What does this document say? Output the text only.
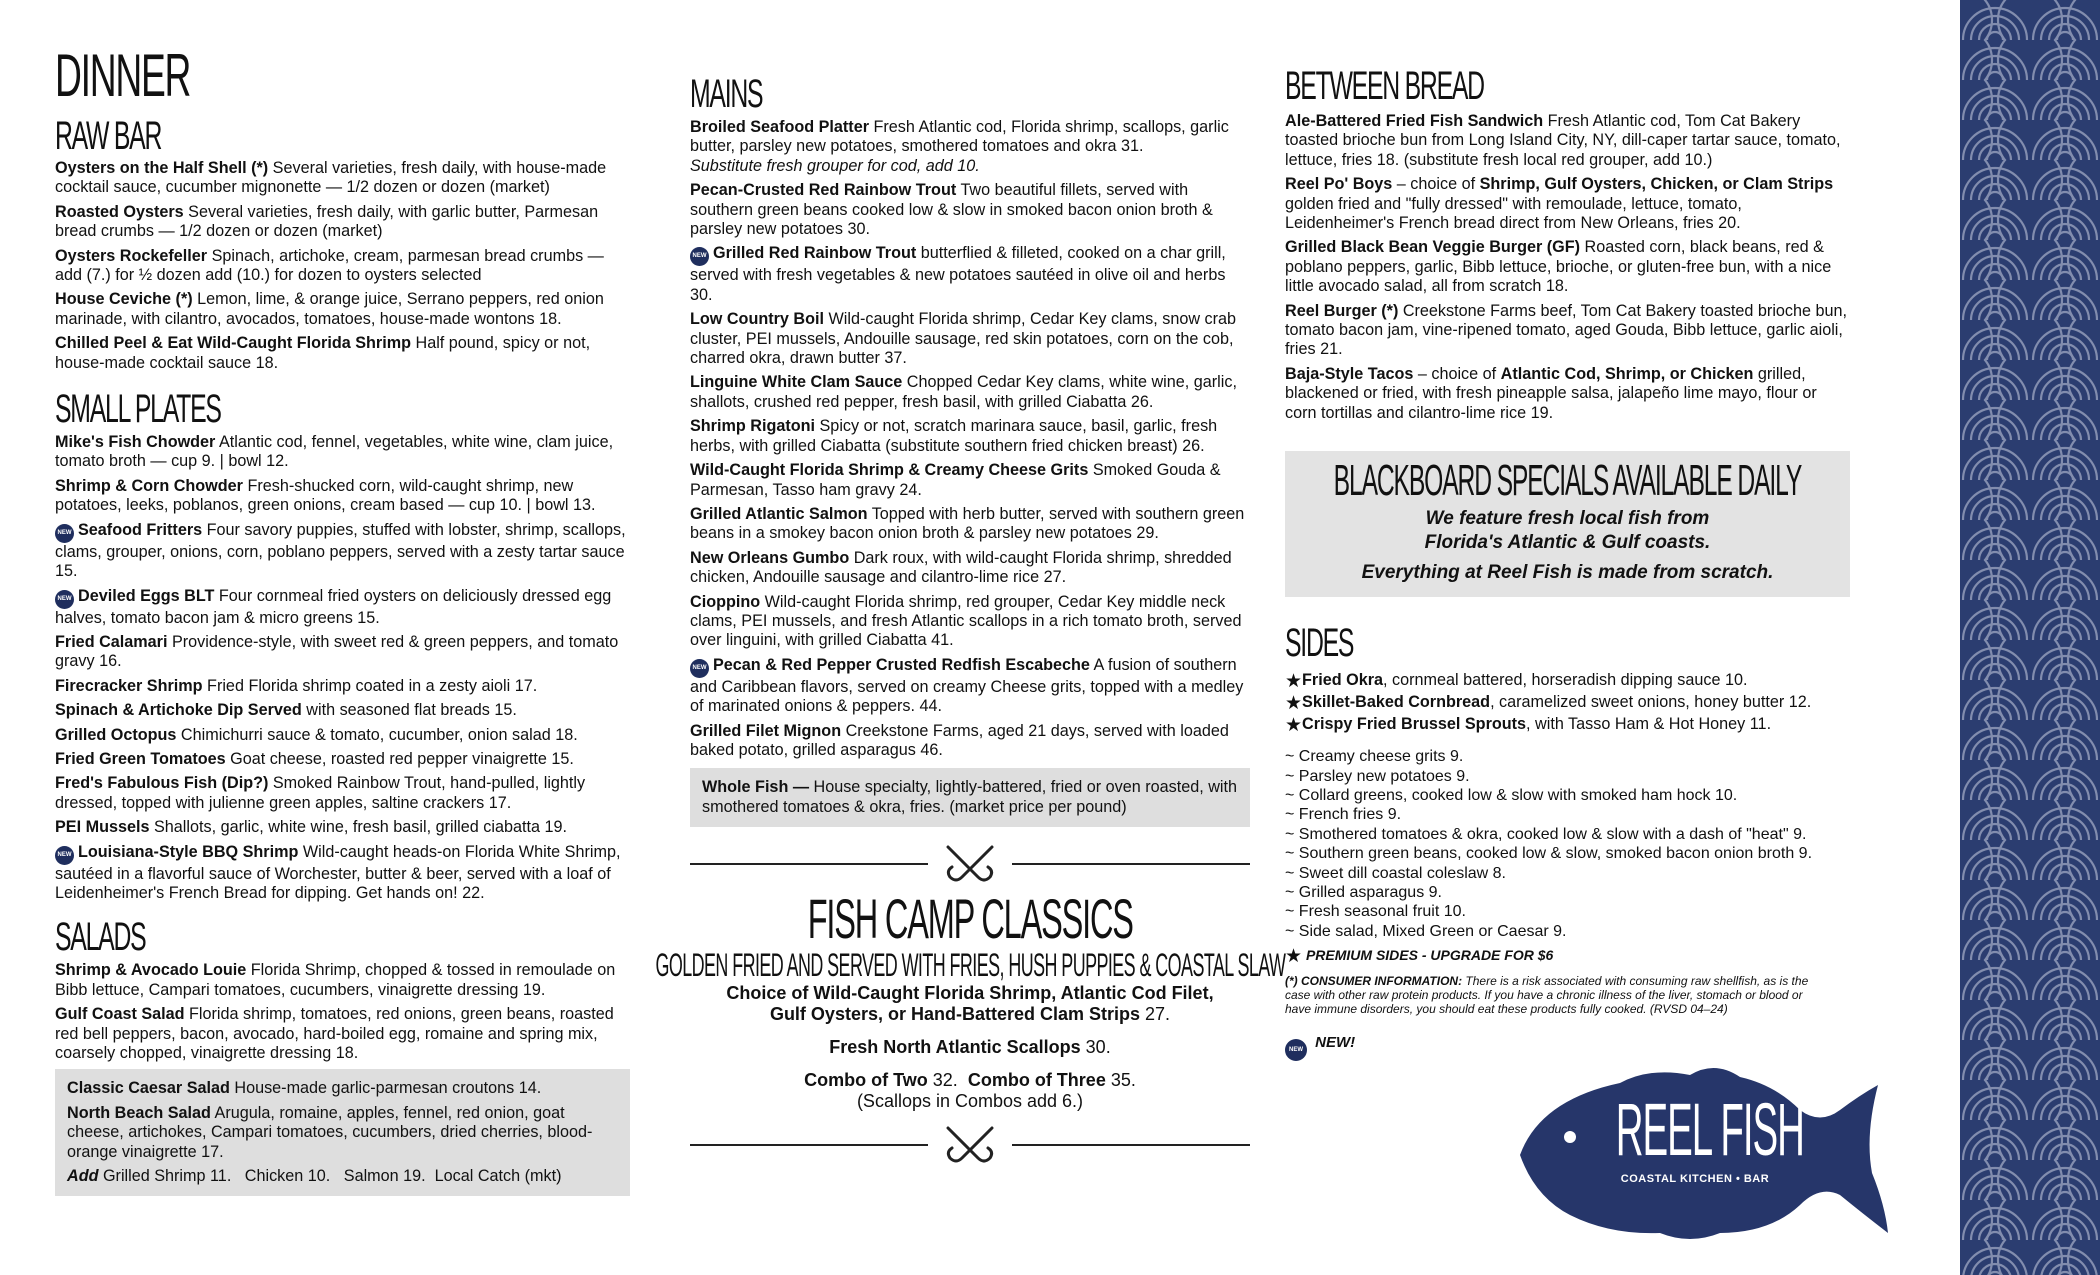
DINNER
RAW BAR

Oysters on the Half Shell (*) Several varieties, fresh daily, with house-made cocktail sauce, cucumber mignonette — 1/2 dozen or dozen (market)

Roasted Oysters Several varieties, fresh daily, with garlic butter, Parmesan bread crumbs — 1/2 dozen or dozen (market)

Oysters Rockefeller Spinach, artichoke, cream, parmesan bread crumbs — add (7.) for ½ dozen add (10.) for dozen to oysters selected

House Ceviche (*) Lemon, lime, & orange juice, Serrano peppers, red onion marinade, with cilantro, avocados, tomatoes, house-made wontons 18.

Chilled Peel & Eat Wild-Caught Florida Shrimp Half pound, spicy or not, house-made cocktail sauce 18.

SMALL PLATES

Mike's Fish Chowder Atlantic cod, fennel, vegetables, white wine, clam juice, tomato broth — cup 9. | bowl 12.

Shrimp & Corn Chowder Fresh-shucked corn, wild-caught shrimp, new potatoes, leeks, poblanos, green onions, cream based — cup 10. | bowl 13.

NEW Seafood Fritters Four savory puppies, stuffed with lobster, shrimp, scallops, clams, grouper, onions, corn, poblano peppers, served with a zesty tartar sauce 15.

NEW Deviled Eggs BLT Four cornmeal fried oysters on deliciously dressed egg halves, tomato bacon jam & micro greens 15.

Fried Calamari Providence-style, with sweet red & green peppers, and tomato gravy 16.

Firecracker Shrimp Fried Florida shrimp coated in a zesty aioli 17.

Spinach & Artichoke Dip Served with seasoned flat breads 15.

Grilled Octopus Chimichurri sauce & tomato, cucumber, onion salad 18.

Fried Green Tomatoes Goat cheese, roasted red pepper vinaigrette 15.

Fred's Fabulous Fish (Dip?) Smoked Rainbow Trout, hand-pulled, lightly dressed, topped with julienne green apples, saltine crackers 17.

PEI Mussels Shallots, garlic, white wine, fresh basil, grilled ciabatta 19.

NEW Louisiana-Style BBQ Shrimp Wild-caught heads-on Florida White Shrimp, sautéed in a flavorful sauce of Worchester, butter & beer, served with a loaf of Leidenheimer's French Bread for dipping. Get hands on! 22.

SALADS

Shrimp & Avocado Louie Florida Shrimp, chopped & tossed in remoulade on Bibb lettuce, Campari tomatoes, cucumbers, vinaigrette dressing 19.

Gulf Coast Salad Florida shrimp, tomatoes, red onions, green beans, roasted red bell peppers, bacon, avocado, hard-boiled egg, romaine and spring mix, coarsely chopped, vinaigrette dressing 18.

Classic Caesar Salad House-made garlic-parmesan croutons 14.

North Beach Salad Arugula, romaine, apples, fennel, red onion, goat cheese, artichokes, Campari tomatoes, cucumbers, dried cherries, blood-orange vinaigrette 17.

Add Grilled Shrimp 11.   Chicken 10.   Salmon 19.  Local Catch (mkt)

MAINS

Broiled Seafood Platter Fresh Atlantic cod, Florida shrimp, scallops, garlic butter, parsley new potatoes, smothered tomatoes and okra 31.
Substitute fresh grouper for cod, add 10.

Pecan-Crusted Red Rainbow Trout Two beautiful fillets, served with southern green beans cooked low & slow in smoked bacon onion broth & parsley new potatoes 30.

NEW Grilled Red Rainbow Trout butterflied & filleted, cooked on a char grill, served with fresh vegetables & new potatoes sautéed in olive oil and herbs 30.

Low Country Boil Wild-caught Florida shrimp, Cedar Key clams, snow crab cluster, PEI mussels, Andouille sausage, red skin potatoes, corn on the cob, charred okra, drawn butter 37.

Linguine White Clam Sauce Chopped Cedar Key clams, white wine, garlic, shallots, crushed red pepper, fresh basil, with grilled Ciabatta 26.

Shrimp Rigatoni Spicy or not, scratch marinara sauce, basil, garlic, fresh herbs, with grilled Ciabatta (substitute southern fried chicken breast) 26.

Wild-Caught Florida Shrimp & Creamy Cheese Grits Smoked Gouda & Parmesan, Tasso ham gravy 24.

Grilled Atlantic Salmon Topped with herb butter, served with southern green beans in a smokey bacon onion broth & parsley new potatoes 29.

New Orleans Gumbo Dark roux, with wild-caught Florida shrimp, shredded chicken, Andouille sausage and cilantro-lime rice 27.

Cioppino Wild-caught Florida shrimp, red grouper, Cedar Key middle neck clams, PEI mussels, and fresh Atlantic scallops in a rich tomato broth, served over linguini, with grilled Ciabatta 41.

NEW Pecan & Red Pepper Crusted Redfish Escabeche A fusion of southern and Caribbean flavors, served on creamy Cheese grits, topped with a medley of marinated onions & peppers. 44.

Grilled Filet Mignon Creekstone Farms, aged 21 days, served with loaded baked potato, grilled asparagus 46.

Whole Fish — House specialty, lightly-battered, fried or oven roasted, with smothered tomatoes & okra, fries. (market price per pound)

FISH CAMP CLASSICS
GOLDEN FRIED AND SERVED WITH FRIES, HUSH PUPPIES & COASTAL SLAW
Choice of Wild-Caught Florida Shrimp, Atlantic Cod Filet,
Gulf Oysters, or Hand-Battered Clam Strips 27.
Fresh North Atlantic Scallops 30.
Combo of Two 32. Combo of Three 35.
(Scallops in Combos add 6.)
BETWEEN BREAD

Ale-Battered Fried Fish Sandwich Fresh Atlantic cod, Tom Cat Bakery toasted brioche bun from Long Island City, NY, dill-caper tartar sauce, tomato, lettuce, fries 18. (substitute fresh local red grouper, add 10.)

Reel Po' Boys – choice of Shrimp, Gulf Oysters, Chicken, or Clam Strips golden fried and "fully dressed" with remoulade, lettuce, tomato, Leidenheimer's French bread direct from New Orleans, fries 20.

Grilled Black Bean Veggie Burger (GF) Roasted corn, black beans, red & poblano peppers, garlic, Bibb lettuce, brioche, or gluten-free bun, with a nice little avocado salad, all from scratch 18.

Reel Burger (*) Creekstone Farms beef, Tom Cat Bakery toasted brioche bun, tomato bacon jam, vine-ripened tomato, aged Gouda, Bibb lettuce, garlic aioli, fries 21.

Baja-Style Tacos – choice of Atlantic Cod, Shrimp, or Chicken grilled, blackened or fried, with fresh pineapple salsa, jalapeño lime mayo, flour or corn tortillas and cilantro-lime rice 19.

BLACKBOARD SPECIALS AVAILABLE DAILY

We feature fresh local fish from
Florida's Atlantic & Gulf coasts.

Everything at Reel Fish is made from scratch.

SIDES

★Fried Okra, cornmeal battered, horseradish dipping sauce 10.

★Skillet-Baked Cornbread, caramelized sweet onions, honey butter 12.

★Crispy Fried Brussel Sprouts, with Tasso Ham & Hot Honey 11.

~ Creamy cheese grits 9.
~ Parsley new potatoes 9.
~ Collard greens, cooked low & slow with smoked ham hock 10.
~ French fries 9.
~ Smothered tomatoes & okra, cooked low & slow with a dash of "heat" 9.
~ Southern green beans, cooked low & slow, smoked bacon onion broth 9.
~ Sweet dill coastal coleslaw 8.
~ Grilled asparagus 9.
~ Fresh seasonal fruit 10.
~ Side salad, Mixed Green or Caesar 9.
★ PREMIUM SIDES - UPGRADE FOR $6
(*) CONSUMER INFORMATION: There is a risk associated with consuming raw shellfish, as is the case with other raw protein products. If you have a chronic illness of the liver, stomach or blood or have immune disorders, you should eat these products fully cooked. (RVSD 04–24)
NEW NEW!
REEL FISH
COASTAL KITCHEN • BAR
